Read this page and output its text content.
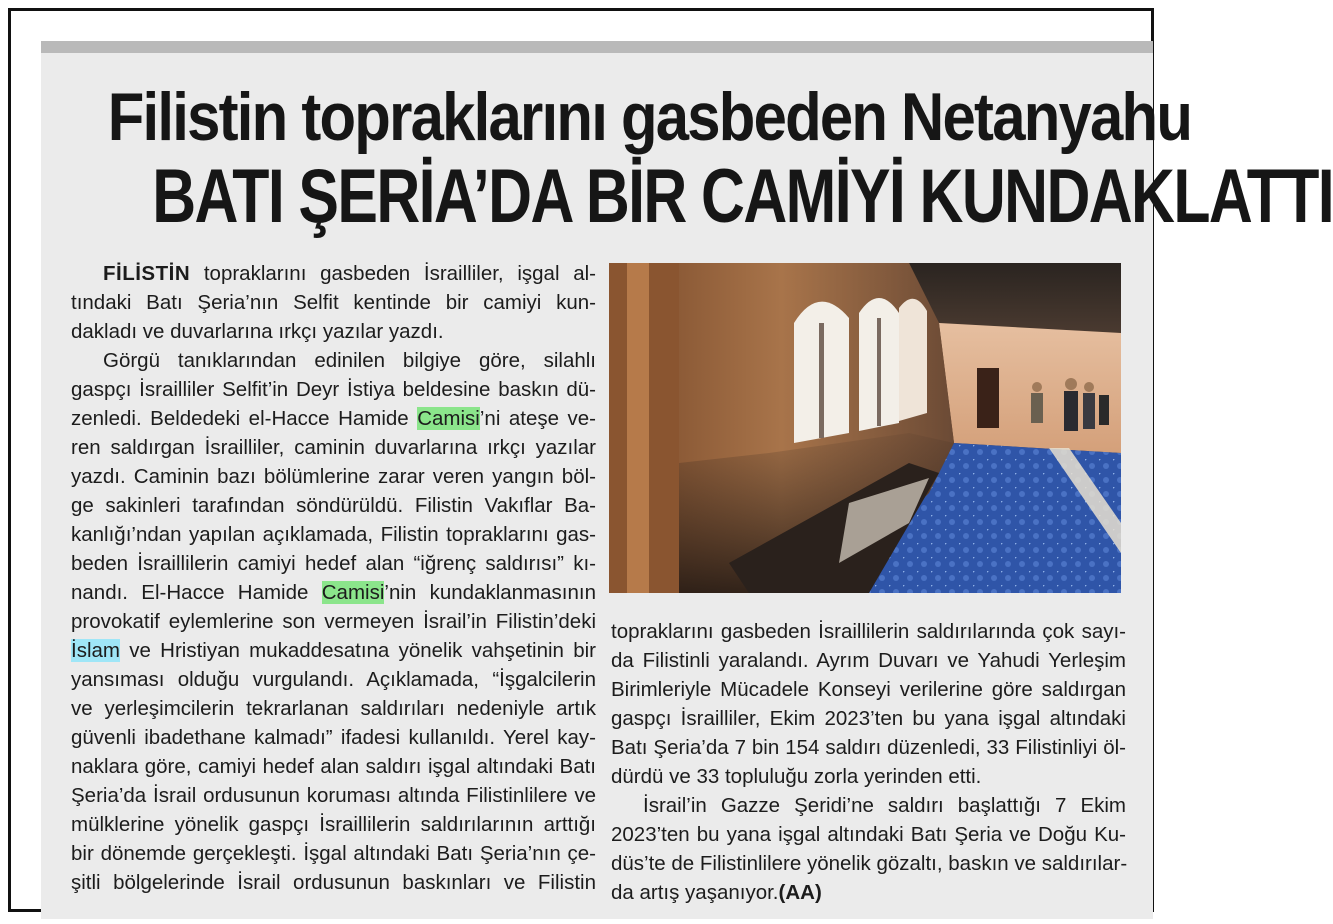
Filistin topraklarını gasbeden Netanyahu
BATI ŞERİA’DA BİR CAMİYİ KUNDAKLATTI
FİLİSTİN topraklarını gasbeden İsrailliler, işgal al-
tındaki Batı Şeria’nın Selfit kentinde bir camiyi kun-
dakladı ve duvarlarına ırkçı yazılar yazdı.
Görgü tanıklarından edinilen bilgiye göre, silahlı
gaspçı İsrailliler Selfit’in Deyr İstiya beldesine baskın dü-
zenledi. Beldedeki el-Hacce Hamide Camisi’ni ateşe ve-
ren saldırgan İsrailliler, caminin duvarlarına ırkçı yazılar
yazdı. Caminin bazı bölümlerine zarar veren yangın böl-
ge sakinleri tarafından söndürüldü. Filistin Vakıflar Ba-
kanlığı’ndan yapılan açıklamada, Filistin topraklarını gas-
beden İsraillilerin camiyi hedef alan “iğrenç saldırısı” kı-
nandı. El-Hacce Hamide Camisi’nin kundaklanmasının
provokatif eylemlerine son vermeyen İsrail’in Filistin’deki
İslam ve Hristiyan mukaddesatına yönelik vahşetinin bir
yansıması olduğu vurgulandı. Açıklamada, “İşgalcilerin
ve yerleşimcilerin tekrarlanan saldırıları nedeniyle artık
güvenli ibadethane kalmadı” ifadesi kullanıldı. Yerel kay-
naklara göre, camiyi hedef alan saldırı işgal altındaki Batı
Şeria’da İsrail ordusunun koruması altında Filistinlilere ve
mülklerine yönelik gaspçı İsraillilerin saldırılarının arttığı
bir dönemde gerçekleşti. İşgal altındaki Batı Şeria’nın çe-
şitli bölgelerinde İsrail ordusunun baskınları ve Filistin
topraklarını gasbeden İsraillilerin saldırılarında çok sayı-
da Filistinli yaralandı. Ayrım Duvarı ve Yahudi Yerleşim
Birimleriyle Mücadele Konseyi verilerine göre saldırgan
gaspçı İsrailliler, Ekim 2023’ten bu yana işgal altındaki
Batı Şeria’da 7 bin 154 saldırı düzenledi, 33 Filistinliyi öl-
dürdü ve 33 topluluğu zorla yerinden etti.
İsrail’in Gazze Şeridi’ne saldırı başlattığı 7 Ekim
2023’ten bu yana işgal altındaki Batı Şeria ve Doğu Ku-
düs’te de Filistinlilere yönelik gözaltı, baskın ve saldırılar-
da artış yaşanıyor.(AA)
